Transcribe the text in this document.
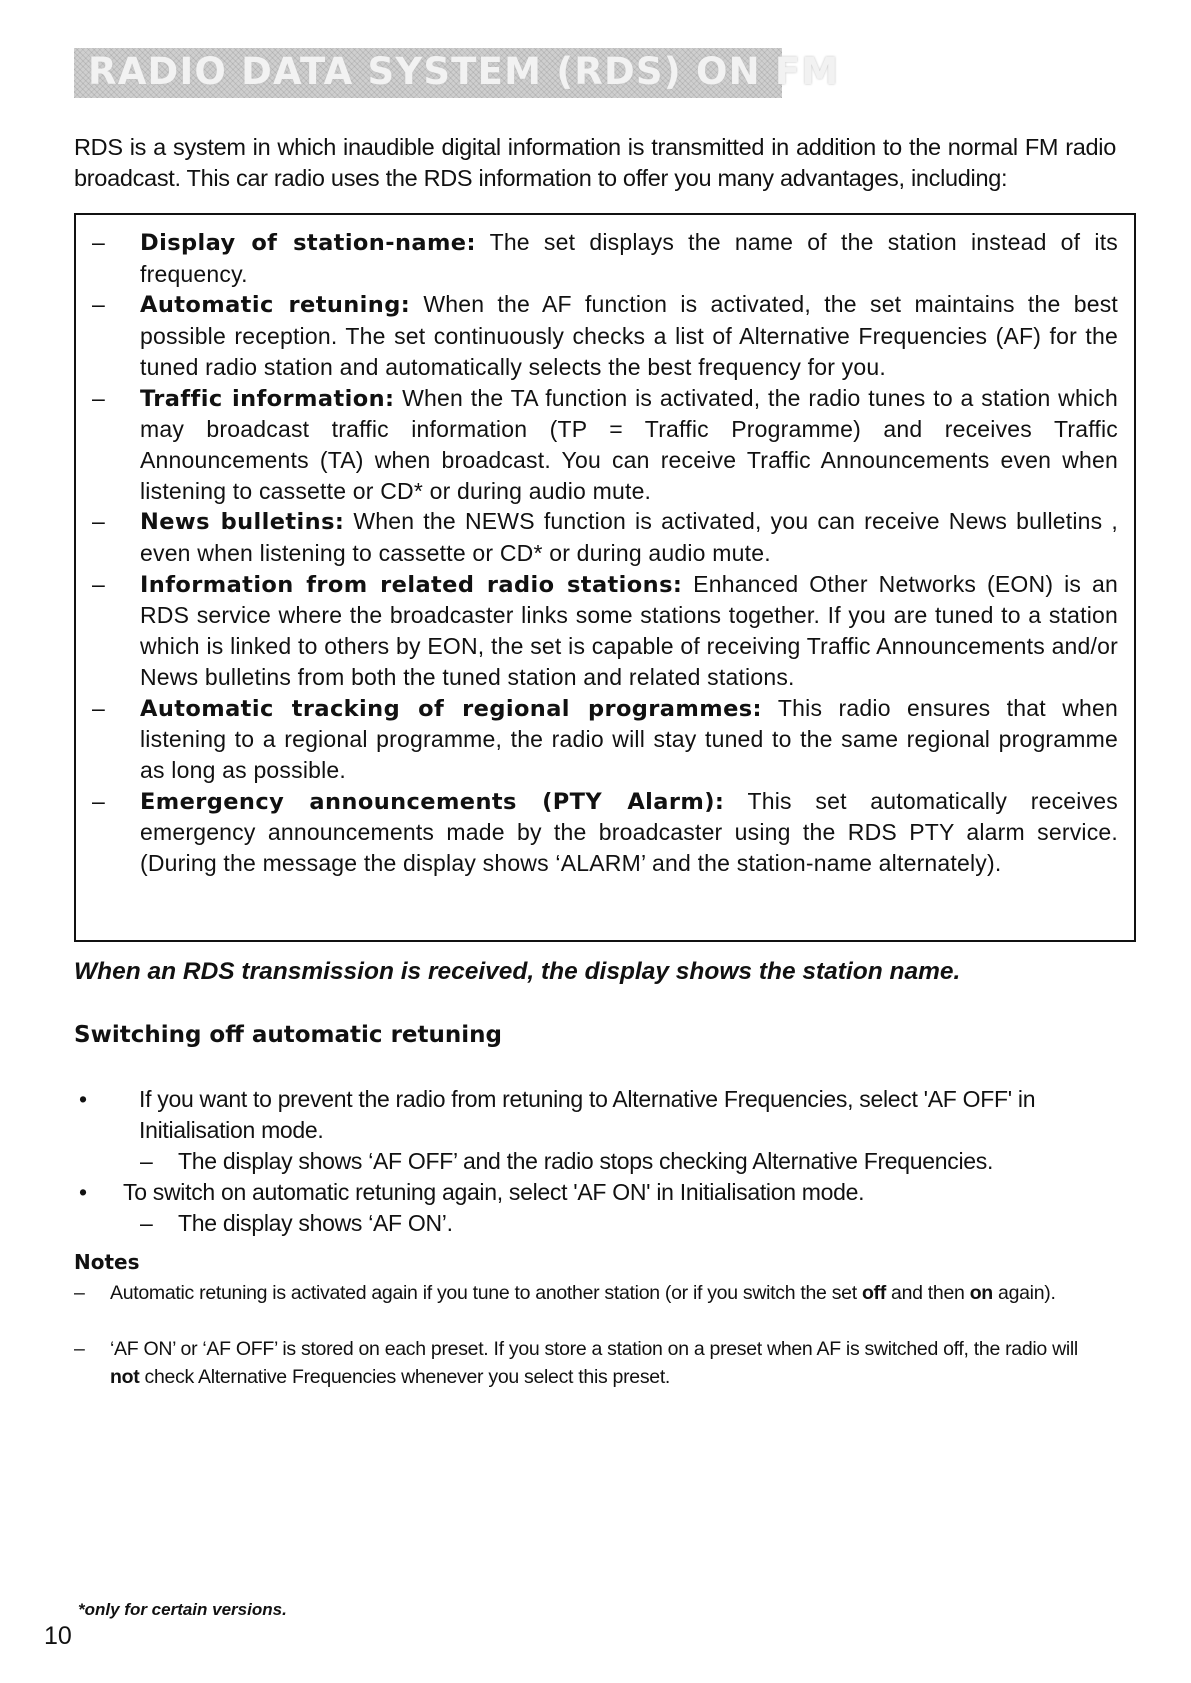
RADIO DATA SYSTEM (RDS) ON FM
RDS is a system in which inaudible digital information is transmitted in addition to the normal FM radio broadcast. This car radio uses the RDS information to offer you many advantages, including:
– Display of station-name: The set displays the name of the station instead of its frequency.
– Automatic retuning: When the AF function is activated, the set maintains the best possible reception. The set continuously checks a list of Alternative Frequencies (AF) for the tuned radio station and automatically selects the best frequency for you.
– Traffic information: When the TA function is activated, the radio tunes to a station which may broadcast traffic information (TP = Traffic Programme) and receives Traffic Announcements (TA) when broadcast. You can receive Traffic Announcements even when listening to cassette or CD* or during audio mute.
– News bulletins: When the NEWS function is activated, you can receive News bulletins , even when listening to cassette or CD* or during audio mute.
– Information from related radio stations: Enhanced Other Networks (EON) is an RDS service where the broadcaster links some stations together. If you are tuned to a station which is linked to others by EON, the set is capable of receiving Traffic Announcements and/or News bulletins from both the tuned station and related stations.
– Automatic tracking of regional programmes: This radio ensures that when listening to a regional programme, the radio will stay tuned to the same regional programme as long as possible.
– Emergency announcements (PTY Alarm): This set automatically receives emergency announcements made by the broadcaster using the RDS PTY alarm service. (During the message the display shows ‘ALARM’ and the station-name alternately).
When an RDS transmission is received, the display shows the station name.
Switching off automatic retuning
• If you want to prevent the radio from retuning to Alternative Frequencies, select 'AF OFF' in Initialisation mode.
– The display shows ‘AF OFF’ and the radio stops checking Alternative Frequencies.
• To switch on automatic retuning again, select 'AF ON' in Initialisation mode.
– The display shows ‘AF ON’.
Notes
– Automatic retuning is activated again if you tune to another station (or if you switch the set off and then on again).
– ‘AF ON’ or ‘AF OFF’ is stored on each preset. If you store a station on a preset when AF is switched off, the radio will not check Alternative Frequencies whenever you select this preset.
*only for certain versions.
10
